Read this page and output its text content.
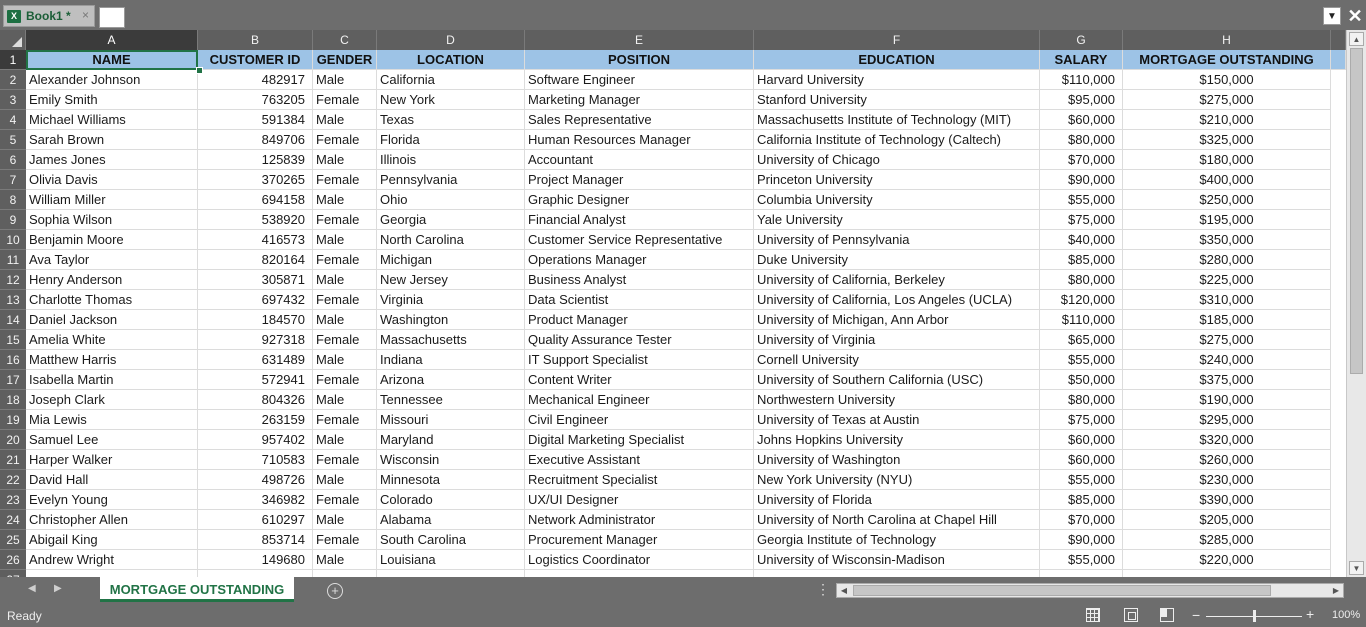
X Book1 * ×	▼ ✕
A	B	C	D	E	F	G	H
1
2
3
4
5
6
7
8
9
10
11
12
13
14
15
16
17
18
19
20
21
22
23
24
25
26
NAME	CUSTOMER ID	GENDER	LOCATION	POSITION	EDUCATION	SALARY	MORTGAGE OUTSTANDING
Alexander Johnson	482917 Male	California	Software Engineer	Harvard University	$110,000	$150,000
Emily Smith	763205 Female	New York	Marketing Manager	Stanford University	$95,000	$275,000
Michael Williams	591384 Male	Texas	Sales Representative	Massachusetts Institute of Technology (MIT)	$60,000	$210,000
Sarah Brown	849706 Female	Florida	Human Resources Manager	California Institute of Technology (Caltech)	$80,000	$325,000
James Jones	125839 Male	Illinois	Accountant	University of Chicago	$70,000	$180,000
Olivia Davis	370265 Female	Pennsylvania	Project Manager	Princeton University	$90,000	$400,000
William Miller	694158 Male	Ohio	Graphic Designer	Columbia University	$55,000	$250,000
Sophia Wilson	538920 Female	Georgia	Financial Analyst	Yale University	$75,000	$195,000
Benjamin Moore	416573 Male	North Carolina	Customer Service Representative	University of Pennsylvania	$40,000	$350,000
Ava Taylor	820164 Female	Michigan	Operations Manager	Duke University	$85,000	$280,000
Henry Anderson	305871 Male	New Jersey	Business Analyst	University of California, Berkeley	$80,000	$225,000
Charlotte Thomas	697432 Female	Virginia	Data Scientist	University of California, Los Angeles (UCLA)	$120,000	$310,000
Daniel Jackson	184570 Male	Washington	Product Manager	University of Michigan, Ann Arbor	$110,000	$185,000
Amelia White	927318 Female	Massachusetts	Quality Assurance Tester	University of Virginia	$65,000	$275,000
Matthew Harris	631489 Male	Indiana	IT Support Specialist	Cornell University	$55,000	$240,000
Isabella Martin	572941 Female	Arizona	Content Writer	University of Southern California (USC)	$50,000	$375,000
Joseph Clark	804326 Male	Tennessee	Mechanical Engineer	Northwestern University	$80,000	$190,000
Mia Lewis	263159 Female	Missouri	Civil Engineer	University of Texas at Austin	$75,000	$295,000
Samuel Lee	957402 Male	Maryland	Digital Marketing Specialist	Johns Hopkins University	$60,000	$320,000
Harper Walker	710583 Female	Wisconsin	Executive Assistant	University of Washington	$60,000	$260,000
David Hall	498726 Male	Minnesota	Recruitment Specialist	New York University (NYU)	$55,000	$230,000
Evelyn Young	346982 Female	Colorado	UX/UI Designer	University of Florida	$85,000	$390,000
Christopher Allen	610297 Male	Alabama	Network Administrator	University of North Carolina at Chapel Hill	$70,000	$205,000
Abigail King	853714 Female	South Carolina	Procurement Manager	Georgia Institute of Technology	$90,000	$285,000
Andrew Wright	149680 Male	Louisiana	Logistics Coordinator	University of Wisconsin-Madison	$55,000	$220,000
▲
▼
◀ ▶	MORTGAGE OUTSTANDING	+	⋮	◀	▶
Ready	−	+ 100%
